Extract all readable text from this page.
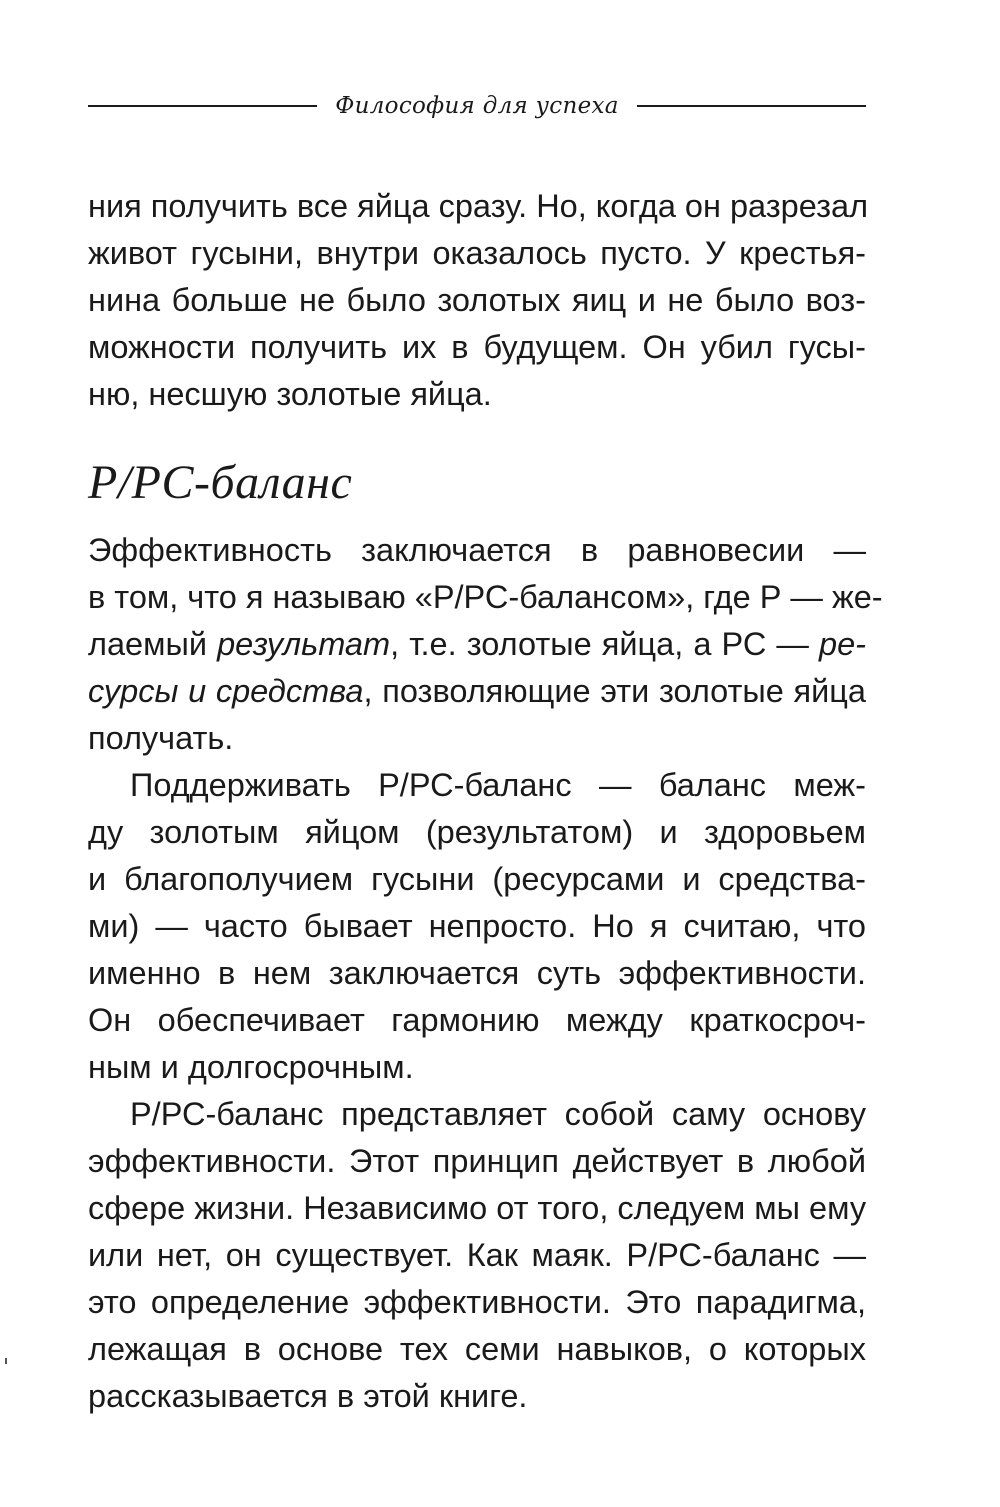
Философия для успеха

ния получить все яйца сразу. Но, когда он разрезал
живот гусыни, внутри оказалось пусто. У крестья-
нина больше не было золотых яиц и не было воз-
можности получить их в будущем. Он убил гусы-
ню, несшую золотые яйца.

Р/РС-баланс

Эффективность заключается в равновесии —
в том, что я называю «Р/РС-балансом», где Р — же-
лаемый результат, т.е. золотые яйца, а РС — ре-
сурсы и средства, позволяющие эти золотые яйца
получать.

Поддерживать Р/РС-баланс — баланс меж-
ду золотым яйцом (результатом) и здоровьем
и благополучием гусыни (ресурсами и средства-
ми) — часто бывает непросто. Но я считаю, что
именно в нем заключается суть эффективности.
Он обеспечивает гармонию между краткосроч-
ным и долгосрочным.

Р/РС-баланс представляет собой саму основу
эффективности. Этот принцип действует в любой
сфере жизни. Независимо от того, следуем мы ему
или нет, он существует. Как маяк. Р/РС-баланс —
это определение эффективности. Это парадигма,
лежащая в основе тех семи навыков, о которых
рассказывается в этой книге.
